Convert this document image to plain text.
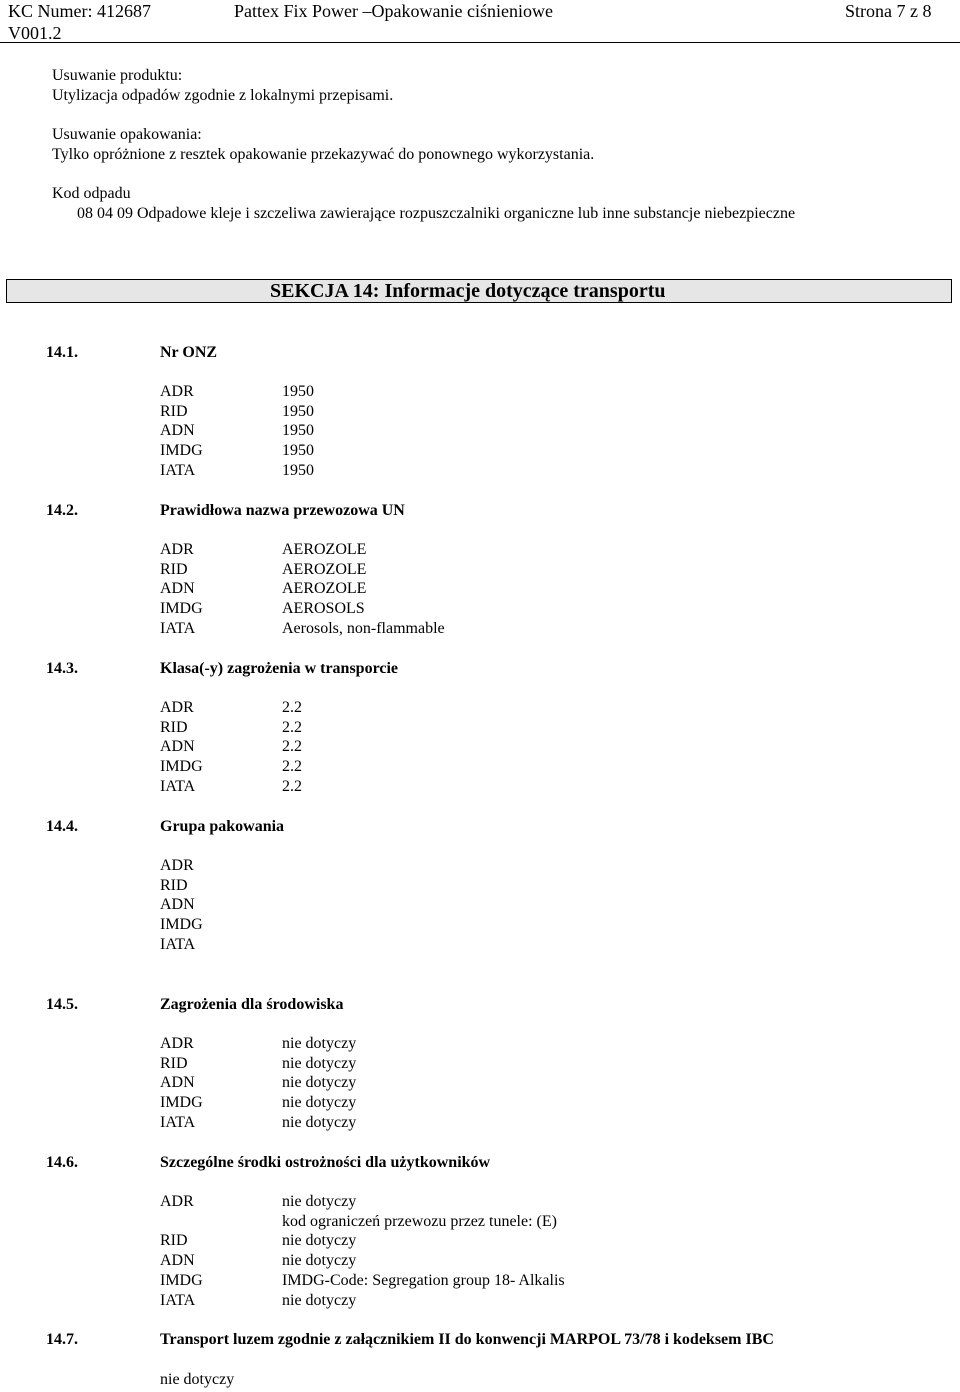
KC Numer: 412687
V001.2
Pattex Fix Power –Opakowanie ciśnieniowe	Strona 7 z 8
Usuwanie produktu:
Utylizacja odpadów zgodnie z lokalnymi przepisami.
Usuwanie opakowania:
Tylko opróżnione z resztek opakowanie przekazywać do ponownego wykorzystania.
Kod odpadu
08 04 09 Odpadowe kleje i szczeliwa zawierające rozpuszczalniki organiczne lub inne substancje niebezpieczne
SEKCJA 14: Informacje dotyczące transportu
14.1.	Nr ONZ
ADR	1950
RID	1950
ADN	1950
IMDG	1950
IATA	1950
14.2.	Prawidłowa nazwa przewozowa UN
ADR	AEROZOLE
RID	AEROZOLE
ADN	AEROZOLE
IMDG	AEROSOLS
IATA	Aerosols, non-flammable
14.3.	Klasa(-y) zagrożenia w transporcie
ADR	2.2
RID	2.2
ADN	2.2
IMDG	2.2
IATA	2.2
14.4.	Grupa pakowania
ADR
RID
ADN
IMDG
IATA
14.5.	Zagrożenia dla środowiska
ADR	nie dotyczy
RID	nie dotyczy
ADN	nie dotyczy
IMDG	nie dotyczy
IATA	nie dotyczy
14.6.	Szczególne środki ostrożności dla użytkowników
ADR	nie dotyczy
kod ograniczeń przewozu przez tunele: (E)
RID	nie dotyczy
ADN	nie dotyczy
IMDG	IMDG-Code: Segregation group 18- Alkalis
IATA	nie dotyczy
14.7.	Transport luzem zgodnie z załącznikiem II do konwencji MARPOL 73/78 i kodeksem IBC
nie dotyczy
